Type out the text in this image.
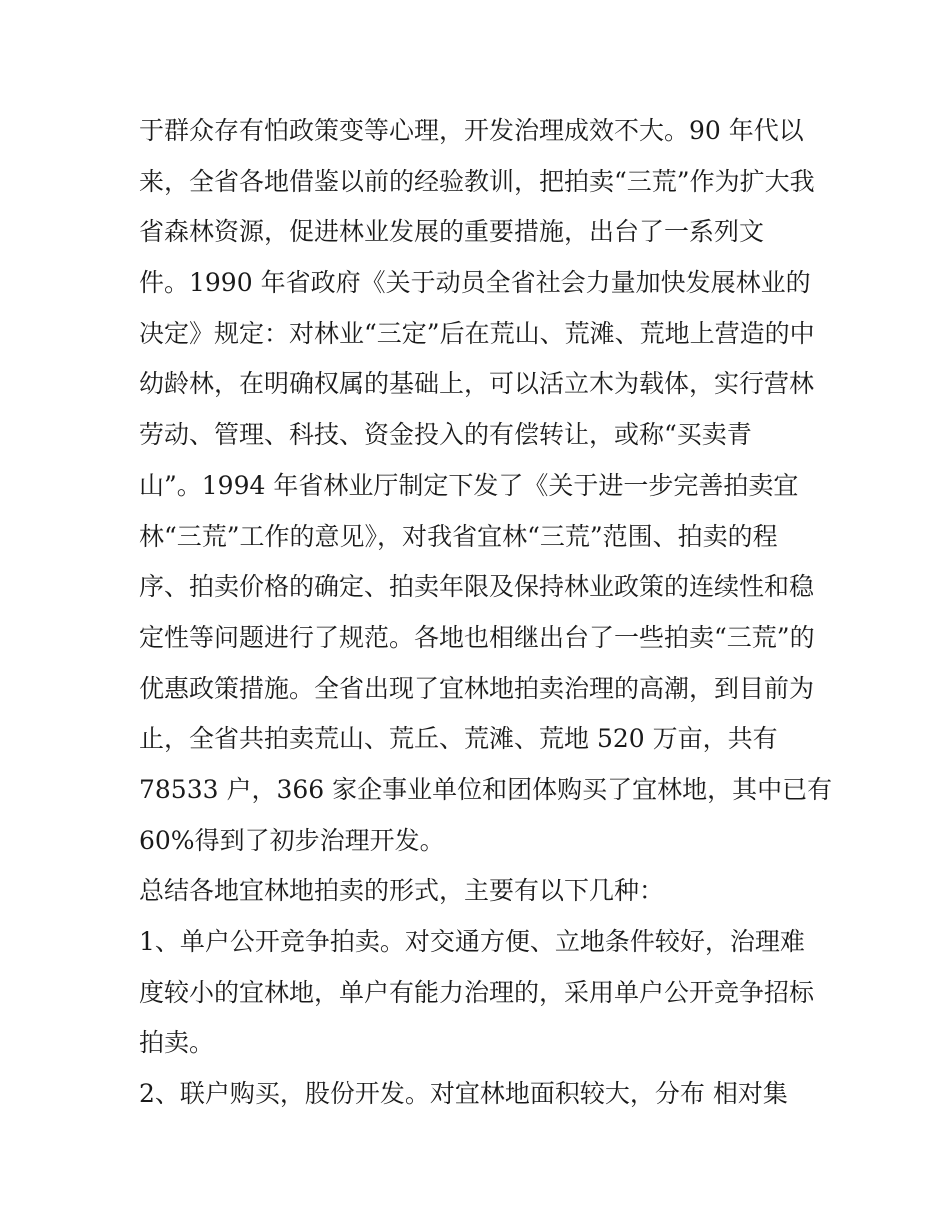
于群众存有怕政策变等心理，开发治理成效不大。90 年代以
来，全省各地借鉴以前的经验教训，把拍卖“三荒”作为扩大我
省森林资源，促进林业发展的重要措施，出台了一系列文
件。1990 年省政府《关于动员全省社会力量加快发展林业的
决定》规定：对林业“三定”后在荒山、荒滩、荒地上营造的中
幼龄林，在明确权属的基础上，可以活立木为载体，实行营林
劳动、管理、科技、资金投入的有偿转让，或称“买卖青
山”。1994 年省林业厅制定下发了《关于进一步完善拍卖宜
林“三荒”工作的意见》，对我省宜林“三荒”范围、拍卖的程
序、拍卖价格的确定、拍卖年限及保持林业政策的连续性和稳
定性等问题进行了规范。各地也相继出台了一些拍卖“三荒”的
优惠政策措施。全省出现了宜林地拍卖治理的高潮，到目前为
止，全省共拍卖荒山、荒丘、荒滩、荒地 520 万亩，共有
78533 户，366 家企事业单位和团体购买了宜林地，其中已有
60%得到了初步治理开发。
总结各地宜林地拍卖的形式，主要有以下几种：
1、单户公开竞争拍卖。对交通方便、立地条件较好，治理难
度较小的宜林地，单户有能力治理的，采用单户公开竞争招标
拍卖。
2、联户购买，股份开发。对宜林地面积较大，分布 相对集
